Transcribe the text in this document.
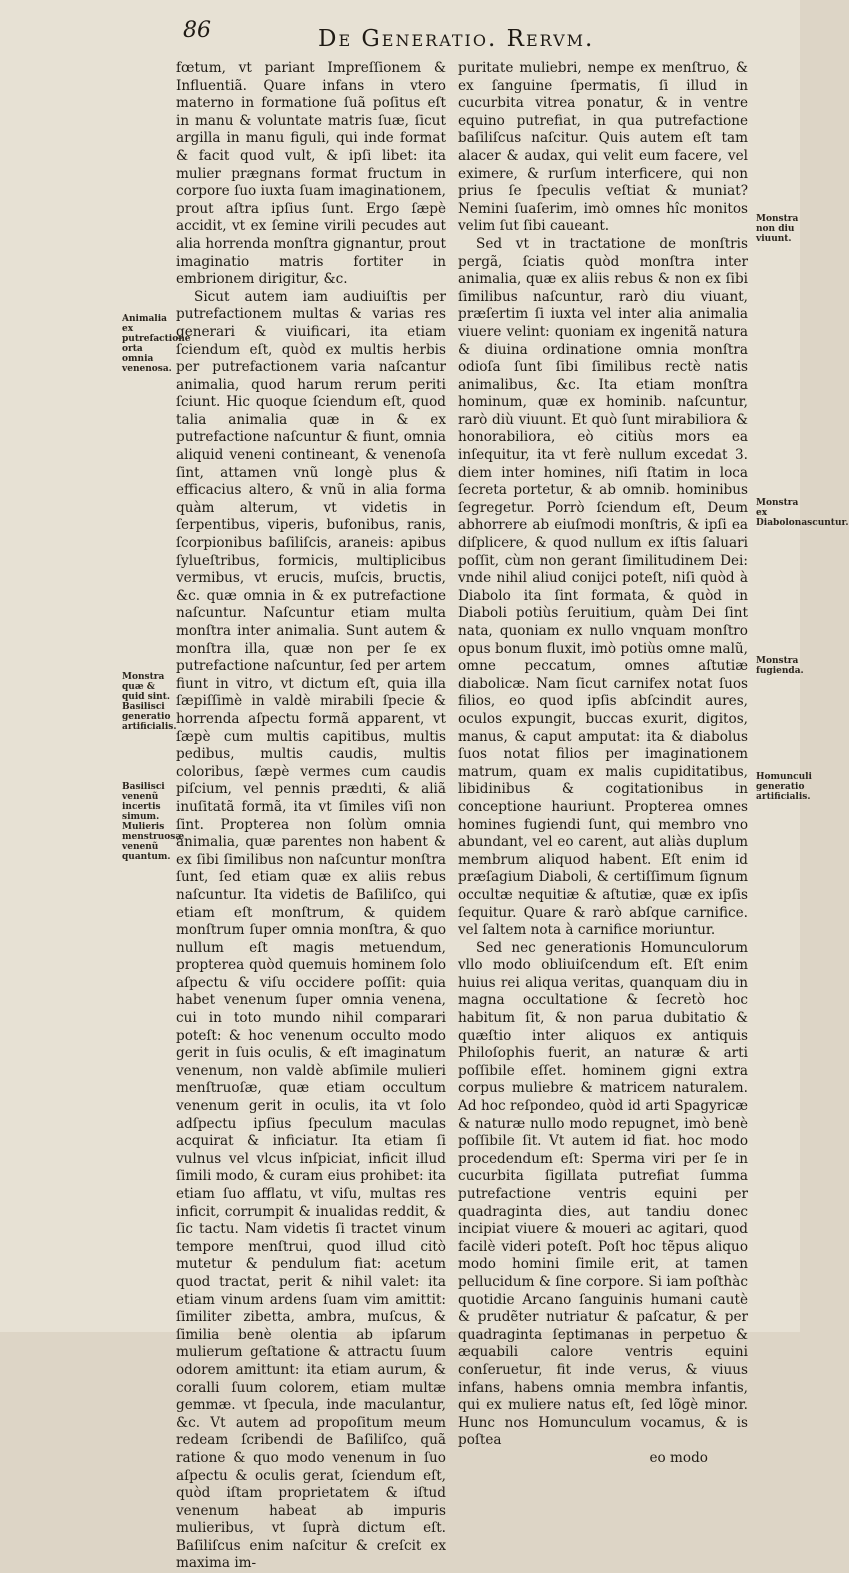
86	De Generatio. Rervm.

fœtum, vt pariant Impreſſionem & Influentiã. Quare infans in vtero materno in formatione ſuã poſitus eſt in manu & voluntate matris ſuæ, ſicut argilla in manu figuli, qui inde format & facit quod vult, & ipſi libet: ita mulier prægnans format fructum in corpore ſuo iuxta ſuam imaginationem, prout aſtra ipſius ſunt. Ergo ſæpè accidit, vt ex ſemine virili pecudes aut alia horrenda monſtra gignantur, prout imaginatio matris fortiter in embrionem dirigitur, &c.

Sicut autem iam audiuiſtis per putrefactionem multas & varias res generari & viuificari, ita etiam ſciendum eſt, quòd ex multis herbis per putrefactionem varia naſcantur animalia, quod harum rerum periti ſciunt. Hic quoque ſciendum eſt, quod talia animalia quæ in & ex putrefactione naſcuntur & fiunt, omnia aliquid veneni contineant, & venenoſa ſint, attamen vnũ longè plus & efficacius altero, & vnũ in alia forma quàm alterum, vt videtis in ſerpentibus, viperis, bufonibus, ranis, ſcorpionibus baſiliſcis, araneis: apibus ſylueſtribus, formicis, multiplicibus vermibus, vt erucis, muſcis, bructis, &c. quæ omnia in & ex putrefactione naſcuntur. Naſcuntur etiam multa monſtra inter animalia. Sunt autem & monſtra illa, quæ non per ſe ex putrefactione naſcuntur, ſed per artem fiunt in vitro, vt dictum eſt, quia illa ſæpiſſimè in valdè mirabili ſpecie & horrenda aſpectu formã apparent, vt ſæpè cum multis capitibus, multis pedibus, multis caudis, multis coloribus, ſæpè vermes cum caudis piſcium, vel pennis prædıti, & aliã inuſitatã formã, ita vt ſimiles viſi non ſint. Propterea non ſolùm omnia animalia, quæ parentes non habent & ex ſibi ſimilibus non naſcuntur monſtra ſunt, ſed etiam quæ ex aliis rebus naſcuntur. Ita videtis de Baſiliſco, qui etiam eſt monſtrum, & quidem monſtrum ſuper omnia monſtra, & quo nullum eſt magis metuendum, propterea quòd quemuis hominem ſolo aſpectu & viſu occidere poſſit: quia habet venenum ſuper omnia venena, cui in toto mundo nihil comparari poteſt: & hoc venenum occulto modo gerit in ſuis oculis, & eſt imaginatum venenum, non valdè abſimile mulieri menſtruoſæ, quæ etiam occultum venenum gerit in oculis, ita vt ſolo adſpectu ipſius ſpeculum maculas acquirat & inficiatur. Ita etiam ſi vulnus vel vlcus inſpiciat, inficit illud ſimili modo, & curam eius prohibet: ita etiam ſuo afflatu, vt viſu, multas res inficit, corrumpit & inualidas reddit, & ſic tactu. Nam videtis ſi tractet vinum tempore menſtrui, quod illud citò mutetur & pendulum fiat: acetum quod tractat, perit & nihil valet: ita etiam vinum ardens ſuam vim amittit: ſimiliter zibetta, ambra, muſcus, & ſimilia benè olentia ab ipſarum mulierum geſtatione & attractu ſuum odorem amittunt: ita etiam aurum, & coralli ſuum colorem, etiam multæ gemmæ. vt ſpecula, inde maculantur, &c. Vt autem ad propoſitum meum redeam ſcribendi de Baſiliſco, quã ratione & quo modo venenum in ſuo aſpectu & oculis gerat, ſciendum eſt, quòd iſtam proprietatem & iſtud venenum habeat ab impuris mulieribus, vt ſuprà dictum eſt. Baſiliſcus enim naſcitur & creſcit ex maxima im-

puritate muliebri, nempe ex menſtruo, & ex ſanguine ſpermatis, ſi illud in cucurbita vitrea ponatur, & in ventre equino putrefiat, in qua putrefactione baſiliſcus naſcitur. Quis autem eſt tam alacer & audax, qui velit eum facere, vel eximere, & rurſum interficere, qui non prius ſe ſpeculis veſtiat & muniat? Nemini ſuaſerim, imò omnes hîc monitos velim ſut ſibi caueant.

Sed vt in tractatione de monſtris pergã, ſciatis quòd monſtra inter animalia, quæ ex aliis rebus & non ex ſibi ſimilibus naſcuntur, rarò diu viuant, præſertim ſi iuxta vel inter alia animalia viuere velint: quoniam ex ingenitã natura & diuina ordinatione omnia monſtra odioſa ſunt ſibi ſimilibus rectè natis animalibus, &c. Ita etiam monſtra hominum, quæ ex hominib. naſcuntur, rarò diù viuunt. Et quò ſunt mirabiliora & honorabiliora, eò citiùs mors ea inſequitur, ita vt ferè nullum excedat 3. diem inter homines, niſi ſtatim in loca ſecreta portetur, & ab omnib. hominibus ſegregetur. Porrò ſciendum eſt, Deum abhorrere ab eiuſmodi monſtris, & ipſi ea diſplicere, & quod nullum ex iſtis ſaluari poſſit, cùm non gerant ſimilitudinem Dei: vnde nihil aliud conijci poteſt, niſi quòd à Diabolo ita ſint formata, & quòd in Diaboli potiùs ſeruitium, quàm Dei ſint nata, quoniam ex nullo vnquam monſtro opus bonum fluxit, imò potiùs omne malũ, omne peccatum, omnes aſtutiæ diabolicæ. Nam ſicut carnifex notat ſuos filios, eo quod ipſis abſcindit aures, oculos expungit, buccas exurit, digitos, manus, & caput amputat: ita & diabolus ſuos notat filios per imaginationem matrum, quam ex malis cupiditatibus, libidinibus & cogitationibus in conceptione hauriunt. Propterea omnes homines fugiendi ſunt, qui membro vno abundant, vel eo carent, aut aliàs duplum membrum aliquod habent. Eſt enim id præſagium Diaboli, & certiſſimum ſignum occultæ nequitiæ & aſtutiæ, quæ ex ipſis ſequitur. Quare & rarò abſque carnifice. vel ſaltem nota à carnifice moriuntur.

Sed nec generationis Homunculorum vllo modo obliuiſcendum eſt. Eſt enim huius rei aliqua veritas, quanquam diu in magna occultatione & ſecretò hoc habitum ſit, & non parua dubitatio & quæſtio inter aliquos ex antiquis Philoſophis fuerit, an naturæ & arti poſſibile eſſet. hominem gigni extra corpus muliebre & matricem naturalem. Ad hoc reſpondeo, quòd id arti Spagyricæ & naturæ nullo modo repugnet, imò benè poſſibile ſit. Vt autem id fiat. hoc modo procedendum eſt: Sperma viri per ſe in cucurbita ſigillata putrefiat ſumma putrefactione ventris equini per quadraginta dies, aut tandiu donec incipiat viuere & moueri ac agitari, quod facilè videri poteſt. Poſt hoc tẽpus aliquo modo homini ſimile erit, at tamen pellucidum & ſine corpore. Si iam poſthàc quotidie Arcano ſanguinis humani cautè & prudẽter nutriatur & paſcatur, & per quadraginta ſeptimanas in perpetuo & æquabili calore ventris equini conſeruetur, fit inde verus, & viuus infans, habens omnia membra infantis, qui ex muliere natus eſt, ſed lõgè minor. Hunc nos Homunculum vocamus, & is poſtea

eo modo

Animalia ex putrefactione orta omnia venenosa.
Monstra quæ & quid sint. Basilisci generatio artificialis.
Basilisci venenũ incertis simum. Mulieris menstruosæ venenũ quantum.
Monstra non diu viuunt.
Monstra ex Diabolonascuntur.
Monstra fugienda.
Homunculi generatio artificialis.
